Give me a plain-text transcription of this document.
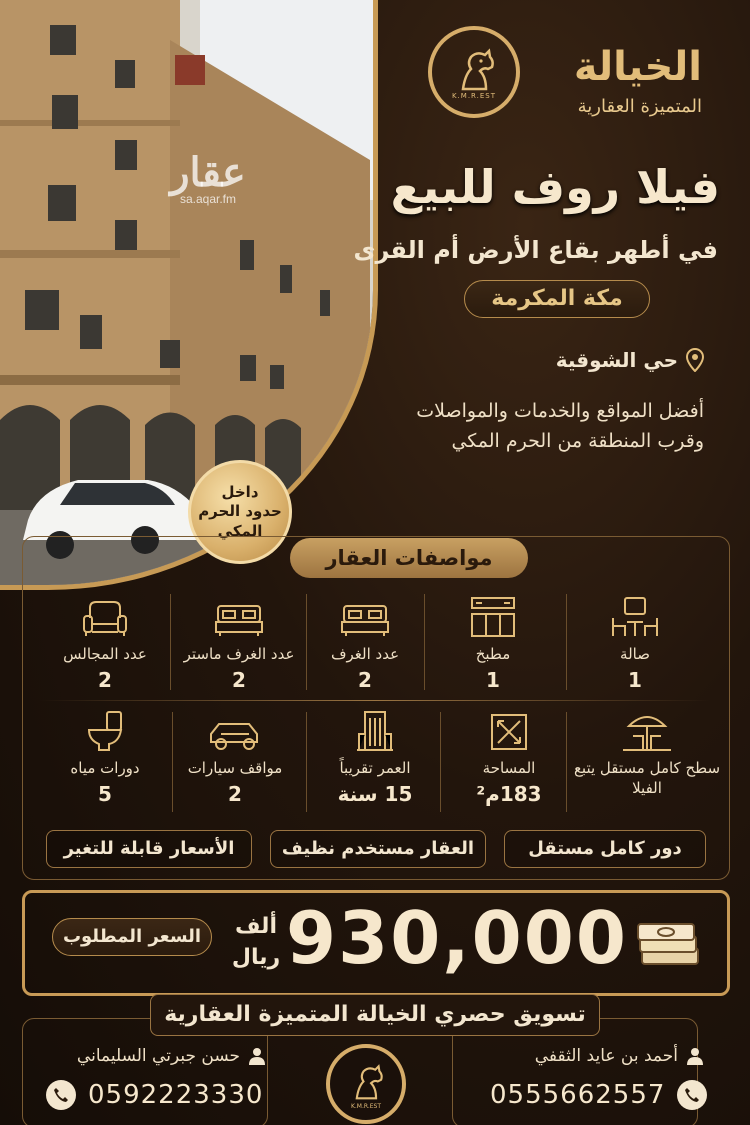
عقار
sa.aqar.fm
داخل
حدود الحرم
المكي
K.M.R.EST
الخيالة
المتميزة العقارية
فيلا روف للبيع
في أطهر بقاع الأرض أم القرى
مكة المكرمة
حي الشوقية
أفضل المواقع والخدمات والمواصلات
وقرب المنطقة من الحرم المكي
مواصفات العقار
صالة
1
مطبخ
1
عدد الغرف
2
عدد الغرف ماستر
2
عدد المجالس
2
سطح كامل مستقل يتبع الفيلا
المساحة
183م²
العمر تقريباً
15 سنة
مواقف سيارات
2
دورات مياه
5
دور كامل مستقل
العقار مستخدم نظيف
الأسعار قابلة للتغير
السعر المطلوب	ألف
ريال 930,000
تسويق حصري الخيالة المتميزة العقارية
أحمد بن عايد الثقفي
0555662557
حسن جبرتي السليماني
0592223330	K.M.R.EST
